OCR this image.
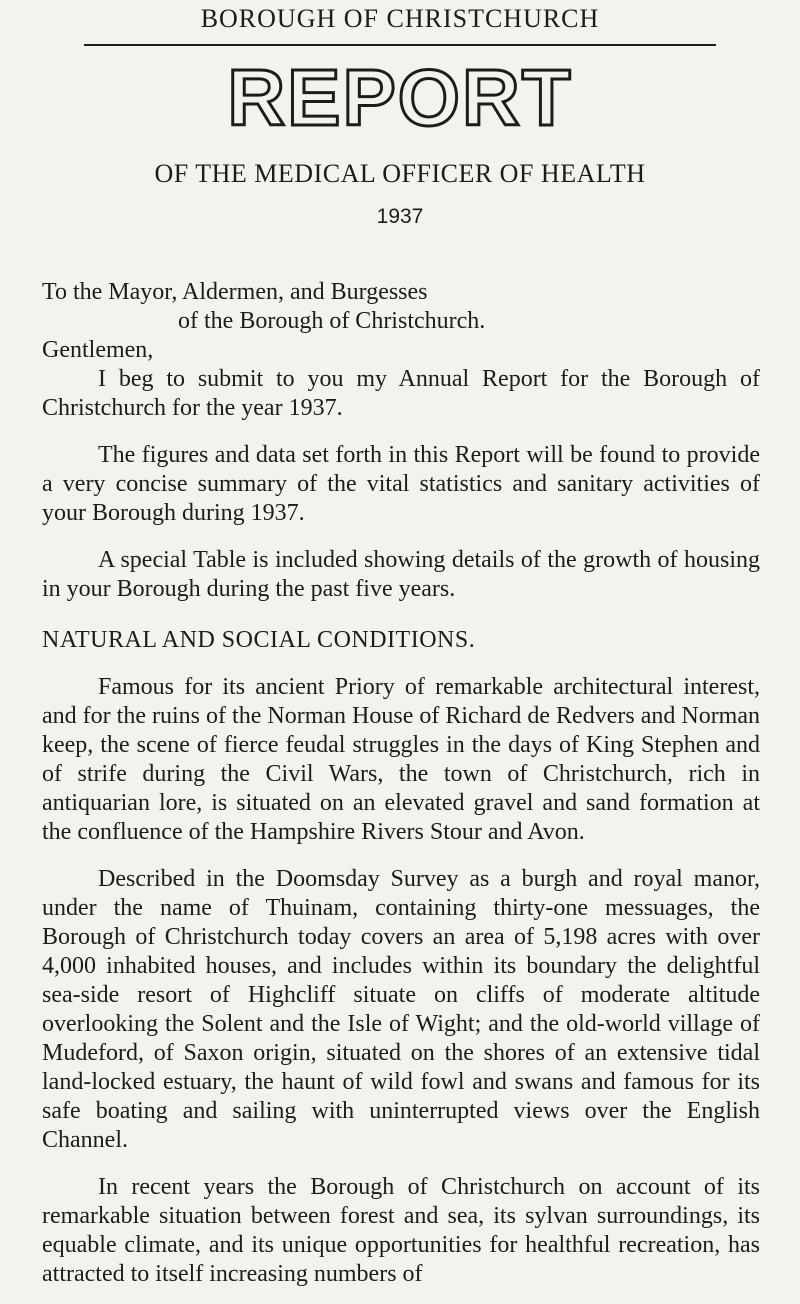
BOROUGH OF CHRISTCHURCH
REPORT
OF THE MEDICAL OFFICER OF HEALTH
1937

To the Mayor, Aldermen, and Burgesses

of the Borough of Christchurch.

Gentlemen,

I beg to submit to you my Annual Report for the Borough of Christchurch for the year 1937.

The figures and data set forth in this Report will be found to provide a very concise summary of the vital statistics and sanitary activities of your Borough during 1937.

A special Table is included showing details of the growth of housing in your Borough during the past five years.

NATURAL AND SOCIAL CONDITIONS.

Famous for its ancient Priory of remarkable architectural interest, and for the ruins of the Norman House of Richard de Redvers and Norman keep, the scene of fierce feudal struggles in the days of King Stephen and of strife during the Civil Wars, the town of Christchurch, rich in antiquarian lore, is situated on an elevated gravel and sand formation at the confluence of the Hampshire Rivers Stour and Avon.

Described in the Doomsday Survey as a burgh and royal manor, under the name of Thuinam, containing thirty-one messuages, the Borough of Christchurch today covers an area of 5,198 acres with over 4,000 inhabited houses, and includes within its boundary the delightful sea-side resort of Highcliff situate on cliffs of moderate altitude overlooking the Solent and the Isle of Wight; and the old-world village of Mudeford, of Saxon origin, situated on the shores of an extensive tidal land-locked estuary, the haunt of wild fowl and swans and famous for its safe boating and sailing with uninterrupted views over the English Channel.

In recent years the Borough of Christchurch on account of its remarkable situation between forest and sea, its sylvan surroundings, its equable climate, and its unique opportunities for healthful recreation, has attracted to itself increasing numbers of
